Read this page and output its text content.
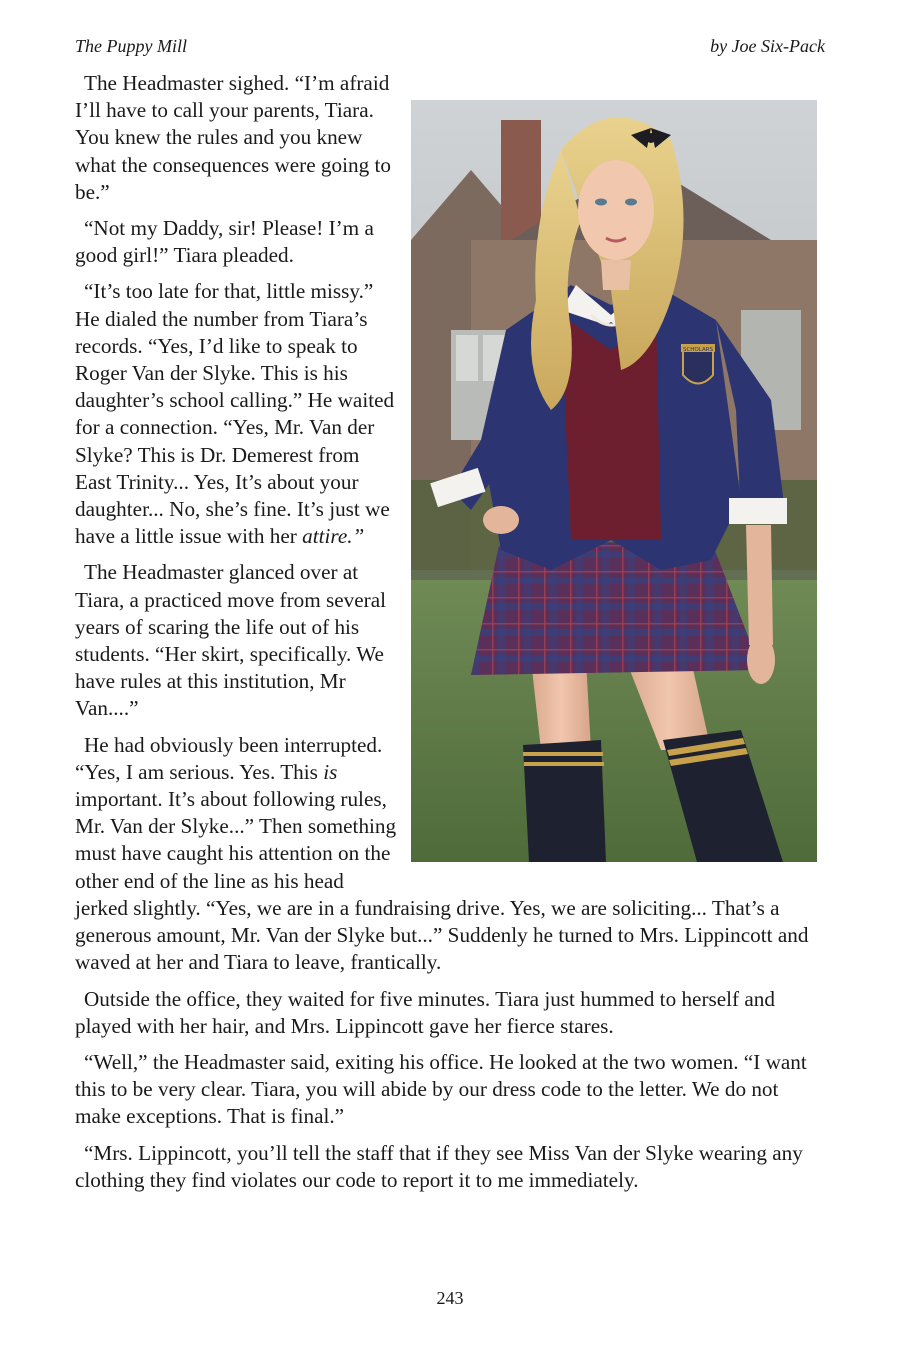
The Puppy Mill	by Joe Six-Pack
SCHOLARS

The Headmaster sighed. “I’m afraid I’ll have to call your parents, Tiara. You knew the rules and you knew what the consequences were going to be.”

“Not my Daddy, sir! Please! I’m a good girl!” Tiara pleaded.

“It’s too late for that, little missy.” He dialed the number from Tiara’s records. “Yes, I’d like to speak to Roger Van der Slyke. This is his daughter’s school calling.” He waited for a connection. “Yes, Mr. Van der Slyke? This is Dr. Demerest from East Trinity... Yes, It’s about your daughter... No, she’s fine. It’s just we have a little issue with her attire.”

The Headmaster glanced over at Tiara, a practiced move from several years of scaring the life out of his students. “Her skirt, specifically. We have rules at this institution, Mr Van....”

He had obviously been interrupted. “Yes, I am serious. Yes. This is important. It’s about following rules, Mr. Van der Slyke...” Then something must have caught his attention on the other end of the line as his head jerked slightly. “Yes, we are in a fundraising drive. Yes, we are soliciting... That’s a generous amount, Mr. Van der Slyke but...” Suddenly he turned to Mrs. Lippincott and waved at her and Tiara to leave, frantically.

Outside the office, they waited for five minutes. Tiara just hummed to herself and played with her hair, and Mrs. Lippincott gave her fierce stares.

“Well,” the Headmaster said, exiting his office. He looked at the two women. “I want this to be very clear. Tiara, you will abide by our dress code to the letter. We do not make exceptions. That is final.”

“Mrs. Lippincott, you’ll tell the staff that if they see Miss Van der Slyke wearing any clothing they find violates our code to report it to me immediately.

243
